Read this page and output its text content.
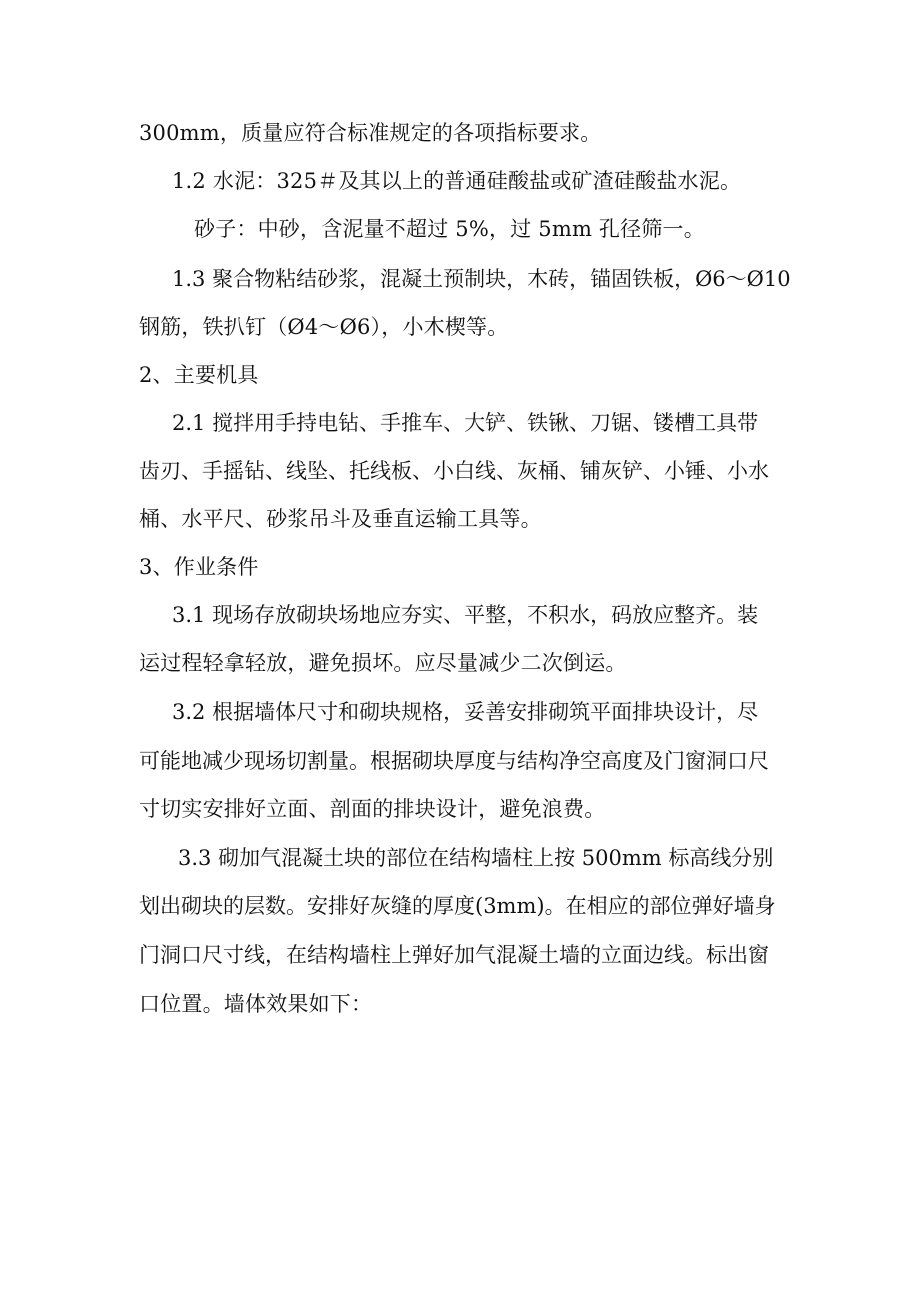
300mm，质量应符合标准规定的各项指标要求。
1.2 水泥：325＃及其以上的普通硅酸盐或矿渣硅酸盐水泥。
砂子：中砂，含泥量不超过 5%，过 5mm 孔径筛一。
1.3 聚合物粘结砂浆，混凝土预制块，木砖，锚固铁板，Ø6～Ø10
钢筋，铁扒钉（Ø4～Ø6），小木楔等。
2、主要机具
2.1 搅拌用手持电钻、手推车、大铲、铁锹、刀锯、镂槽工具带
齿刃、手摇钻、线坠、托线板、小白线、灰桶、铺灰铲、小锤、小水
桶、水平尺、砂浆吊斗及垂直运输工具等。
3、作业条件
3.1 现场存放砌块场地应夯实、平整，不积水，码放应整齐。装
运过程轻拿轻放，避免损坏。应尽量减少二次倒运。
3.2 根据墙体尺寸和砌块规格，妥善安排砌筑平面排块设计，尽
可能地减少现场切割量。根据砌块厚度与结构净空高度及门窗洞口尺
寸切实安排好立面、剖面的排块设计，避免浪费。
3.3 砌加气混凝土块的部位在结构墙柱上按 500mm 标高线分别
划出砌块的层数。安排好灰缝的厚度(3mm)。在相应的部位弹好墙身
门洞口尺寸线，在结构墙柱上弹好加气混凝土墙的立面边线。标出窗
口位置。墙体效果如下：
